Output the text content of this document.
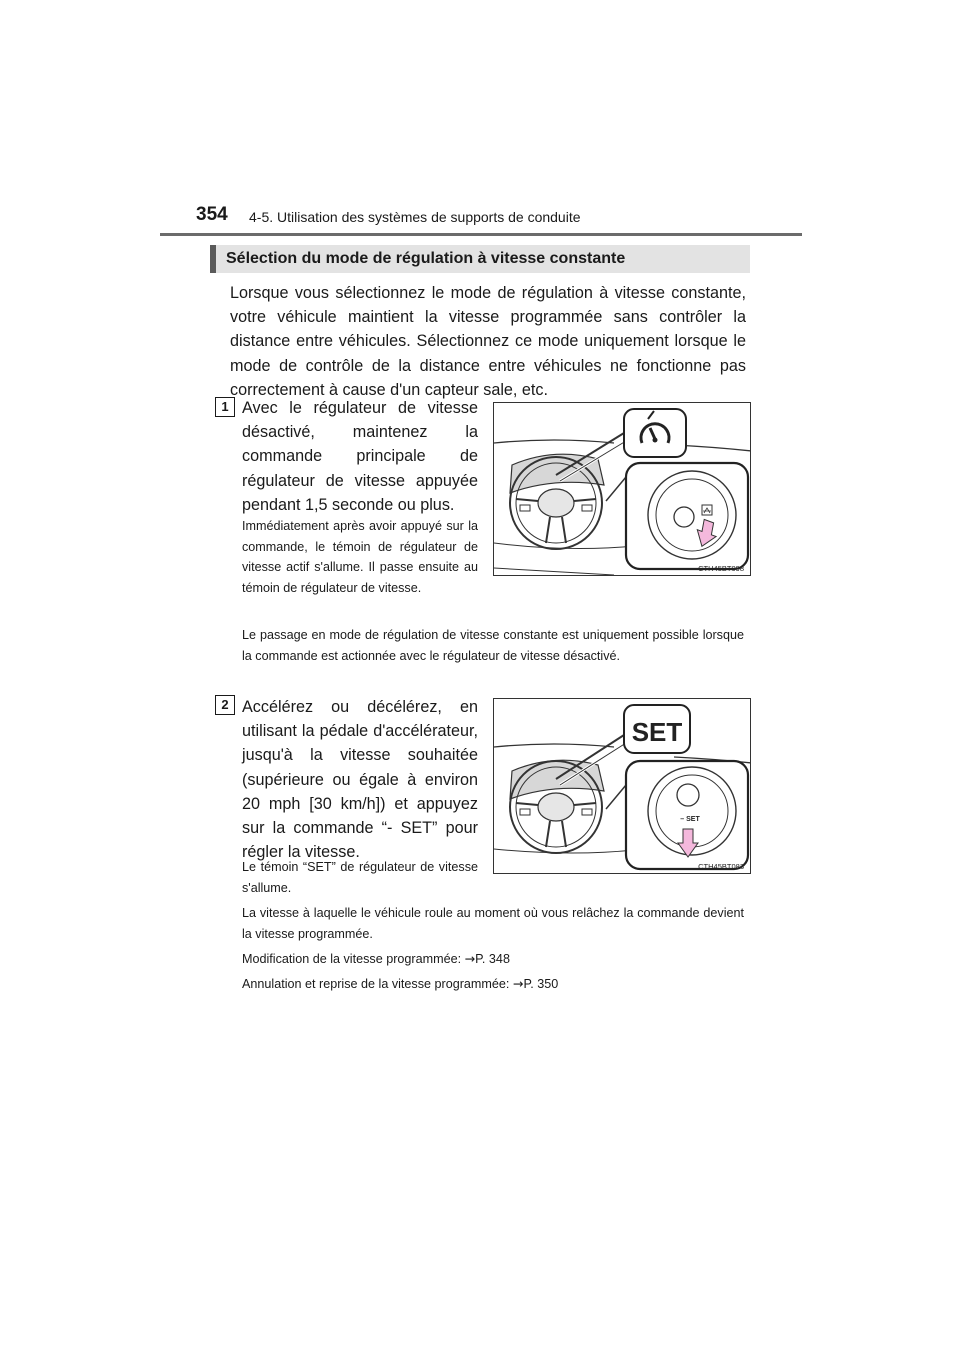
354 4-5. Utilisation des systèmes de supports de conduite
Sélection du mode de régulation à vitesse constante

Lorsque vous sélectionnez le mode de régulation à vitesse constante, votre véhicule maintient la vitesse programmée sans contrôler la distance entre véhicules. Sélectionnez ce mode uniquement lorsque le mode de contrôle de la distance entre véhicules ne fonctionne pas correctement à cause d'un capteur sale, etc.

1 Avec le régulateur de vitesse désactivé, maintenez la commande principale de régulateur de vitesse appuyée pendant 1,5 seconde ou plus.

Immédiatement après avoir appuyé sur la commande, le témoin de régulateur de vitesse actif s'allume. Il passe ensuite au témoin de régulateur de vitesse.

CTH45BT098

Le passage en mode de régulation de vitesse constante est uniquement possible lorsque la commande est actionnée avec le régulateur de vitesse désactivé.

2 Accélérez ou décélérez, en utilisant la pédale d'accélérateur, jusqu'à la vitesse souhaitée (supérieure ou égale à environ 20 mph [30 km/h]) et appuyez sur la commande “- SET” pour régler la vitesse.

Le témoin “SET” de régulateur de vitesse s'allume.

SET
– SET
CTH45BT083

La vitesse à laquelle le véhicule roule au moment où vous relâchez la commande devient la vitesse programmée.

Modification de la vitesse programmée: →P. 348

Annulation et reprise de la vitesse programmée: →P. 350
